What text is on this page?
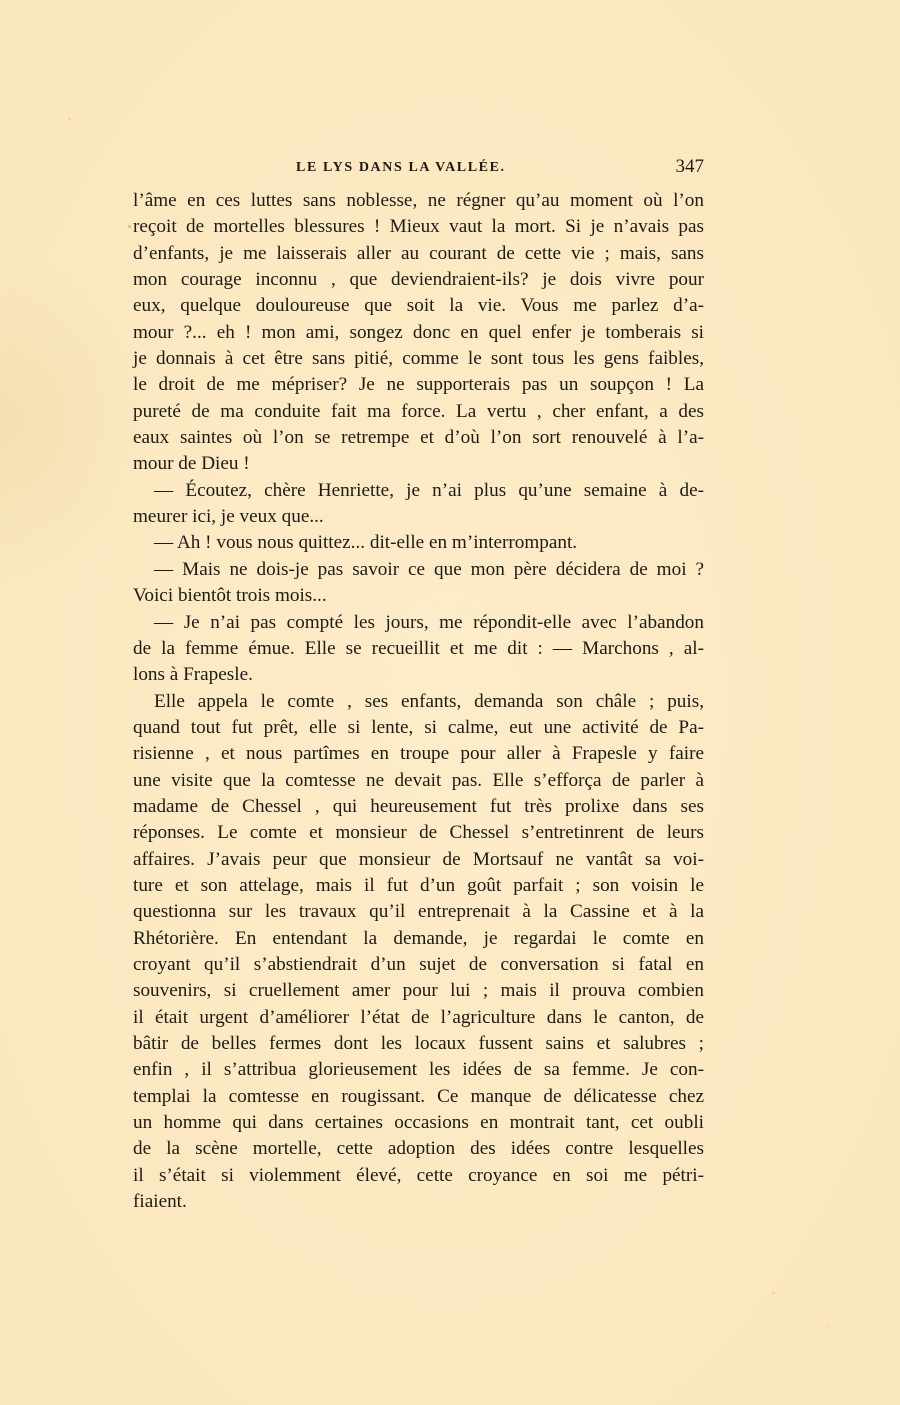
LE LYS DANS LA VALLÉE.	347
l’âme en ces luttes sans noblesse, ne régner qu’au moment où l’on
reçoit de mortelles blessures ! Mieux vaut la mort. Si je n’avais pas
d’enfants, je me laisserais aller au courant de cette vie ; mais, sans
mon courage inconnu , que deviendraient-ils? je dois vivre pour
eux, quelque douloureuse que soit la vie. Vous me parlez d’a-
mour ?... eh ! mon ami, songez donc en quel enfer je tomberais si
je donnais à cet être sans pitié, comme le sont tous les gens faibles,
le droit de me mépriser? Je ne supporterais pas un soupçon ! La
pureté de ma conduite fait ma force. La vertu , cher enfant, a des
eaux saintes où l’on se retrempe et d’où l’on sort renouvelé à l’a-
mour de Dieu !
— Écoutez, chère Henriette, je n’ai plus qu’une semaine à de-
meurer ici, je veux que...
— Ah ! vous nous quittez... dit-elle en m’interrompant.
— Mais ne dois-je pas savoir ce que mon père décidera de moi ?
Voici bientôt trois mois...
— Je n’ai pas compté les jours, me répondit-elle avec l’abandon
de la femme émue. Elle se recueillit et me dit : — Marchons , al-
lons à Frapesle.
Elle appela le comte , ses enfants, demanda son châle ; puis,
quand tout fut prêt, elle si lente, si calme, eut une activité de Pa-
risienne , et nous partîmes en troupe pour aller à Frapesle y faire
une visite que la comtesse ne devait pas. Elle s’efforça de parler à
madame de Chessel , qui heureusement fut très prolixe dans ses
réponses. Le comte et monsieur de Chessel s’entretinrent de leurs
affaires. J’avais peur que monsieur de Mortsauf ne vantât sa voi-
ture et son attelage, mais il fut d’un goût parfait ; son voisin le
questionna sur les travaux qu’il entreprenait à la Cassine et à la
Rhétorière. En entendant la demande, je regardai le comte en
croyant qu’il s’abstiendrait d’un sujet de conversation si fatal en
souvenirs, si cruellement amer pour lui ; mais il prouva combien
il était urgent d’améliorer l’état de l’agriculture dans le canton, de
bâtir de belles fermes dont les locaux fussent sains et salubres ;
enfin , il s’attribua glorieusement les idées de sa femme. Je con-
templai la comtesse en rougissant. Ce manque de délicatesse chez
un homme qui dans certaines occasions en montrait tant, cet oubli
de la scène mortelle, cette adoption des idées contre lesquelles
il s’était si violemment élevé, cette croyance en soi me pétri-
fiaient.
